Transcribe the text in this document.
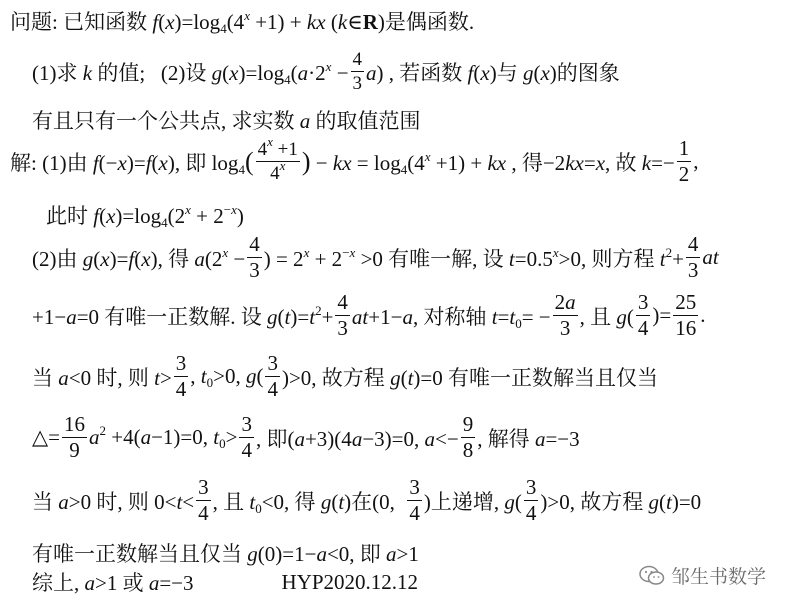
问题: 已知函数 $f(x)=\log_4(4^x +1)$ + kx (k∈R)是偶函数.
(1)求 k 的值;   (2)设 $g(x)=\log_4(a\cdot 2^x - \frac{4}{3} a)$ , 若函数 f(x)与 g(x)的图象
有且只有一个公共点, 求实数 a 的取值范围
解: (1)由 f(−x)=f(x), 即 $\log_4$ ( $\frac{4^x +1}{4^x}$ ) − kx = $\log_4(4^x +1)$ + kx , 得−2kx=x, 故 $k=- \frac{1}{2}$ ,
此时 $f(x)=\log_4(2^x + 2^{-x})$
(2)由 g(x)=f(x), 得 $a(2^x - \frac{4}{3}$ ) = $2^x + 2^{-x} >0$ 有唯一解, 设 $t=0.5^x>0$, 则方程 $t^2+ \frac{4}{3}$ at
+1−a=0 有唯一正数解. 设 $g(t)=t^2+ \frac{4}{3} at+1-a$, 对称轴 $t=t_0= - \frac{2a}{3}$ , 且 $g( \frac{3}{4}$ )= $\frac{25}{16}$ .
当 a<0 时, 则 $t> \frac{3}{4}$ , $t_0>0$, $g( \frac{3}{4} )>0$, 故方程 g(t)=0 有唯一正数解当且仅当
△= $\frac{16}{9} a^2 +4(a-1)=0$, $t_0> \frac{3}{4}$ , 即(a+3)(4a−3)=0, $a<- \frac{9}{8}$ , 解得 a=−3
当 a>0 时, 则 $0<t< \frac{3}{4}$ , 且 $t_0<0$, 得 g(t)在(0, $\frac{3}{4}$ )上递增, $g( \frac{3}{4} )>0$, 故方程 g(t)=0
有唯一正数解当且仅当 g(0)=1−a<0, 即 a>1
综上, a>1 或 a=−3	HYP2020.12.12	邹生书数学
